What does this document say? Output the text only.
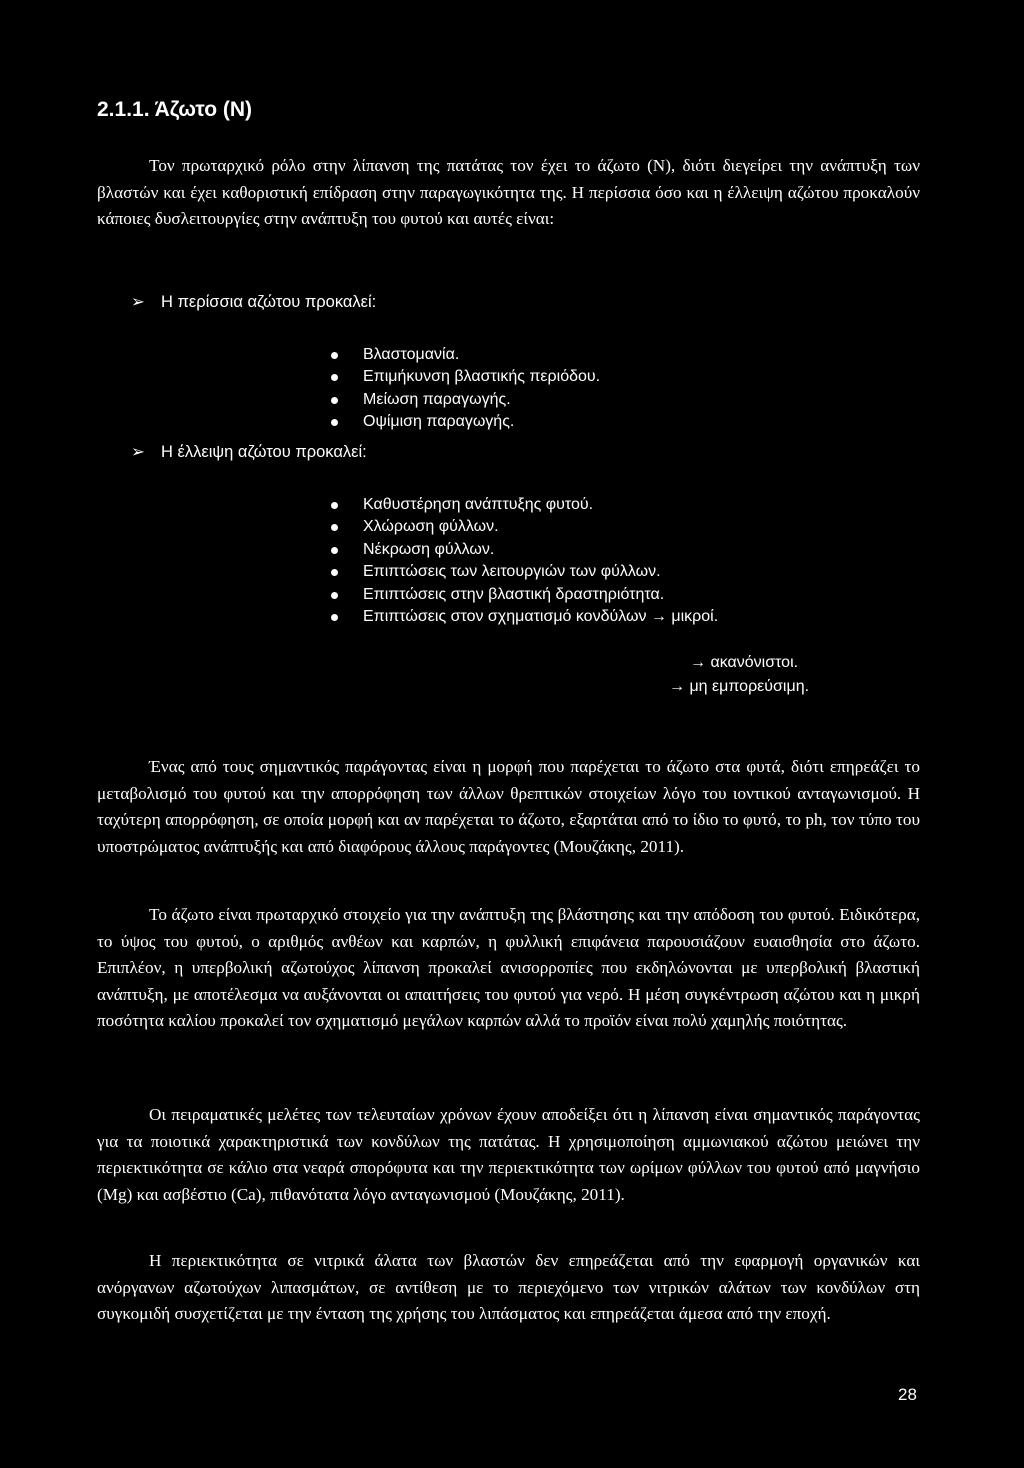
2.1.1. Άζωτο (Ν)

Τον πρωταρχικό ρόλο στην λίπανση της πατάτας τον έχει το άζωτο (Ν), διότι διεγείρει την ανάπτυξη των βλαστών και έχει καθοριστική επίδραση στην παραγωγικότητα της. Η περίσσια όσο και η έλλειψη αζώτου προκαλούν κάποιες δυσλειτουργίες στην ανάπτυξη του φυτού και αυτές είναι:

➢ Η περίσσια αζώτου προκαλεί:

Βλαστομανία.
Επιμήκυνση βλαστικής περιόδου.
Μείωση παραγωγής.
Οψίμιση παραγωγής.

➢ Η έλλειψη αζώτου προκαλεί:

Καθυστέρηση ανάπτυξης φυτού.
Χλώρωση φύλλων.
Νέκρωση φύλλων.
Επιπτώσεις των λειτουργιών των φύλλων.
Επιπτώσεις στην βλαστική δραστηριότητα.
Επιπτώσεις στον σχηματισμό κονδύλων → μικροί.

→ ακανόνιστοι.

→ μη εμπορεύσιμη.

Ένας από τους σημαντικός παράγοντας είναι η μορφή που παρέχεται το άζωτο στα φυτά, διότι επηρεάζει το μεταβολισμό του φυτού και την απορρόφηση των άλλων θρεπτικών στοιχείων λόγο του ιοντικού ανταγωνισμού. Η ταχύτερη απορρόφηση, σε οποία μορφή και αν παρέχεται το άζωτο, εξαρτάται από το ίδιο το φυτό, το ph, τον τύπο του υποστρώματος ανάπτυξής και από διαφόρους άλλους παράγοντες (Μουζάκης, 2011).

Το άζωτο είναι πρωταρχικό στοιχείο για την ανάπτυξη της βλάστησης και την απόδοση του φυτού. Ειδικότερα, το ύψος του φυτού, ο αριθμός ανθέων και καρπών, η φυλλική επιφάνεια παρουσιάζουν ευαισθησία στο άζωτο. Επιπλέον, η υπερβολική αζωτούχος λίπανση προκαλεί ανισορροπίες που εκδηλώνονται με υπερβολική βλαστική ανάπτυξη, με αποτέλεσμα να αυξάνονται οι απαιτήσεις του φυτού για νερό. Η μέση συγκέντρωση αζώτου και η μικρή ποσότητα καλίου προκαλεί τον σχηματισμό μεγάλων καρπών αλλά το προϊόν είναι πολύ χαμηλής ποιότητας.

Οι πειραματικές μελέτες των τελευταίων χρόνων έχουν αποδείξει ότι η λίπανση είναι σημαντικός παράγοντας για τα ποιοτικά χαρακτηριστικά των κονδύλων της πατάτας. Η χρησιμοποίηση αμμωνιακού αζώτου μειώνει την περιεκτικότητα σε κάλιο στα νεαρά σπορόφυτα και την περιεκτικότητα των ωρίμων φύλλων του φυτού από μαγνήσιο (Mg) και ασβέστιο (Ca), πιθανότατα λόγο ανταγωνισμού (Μουζάκης, 2011).

Η περιεκτικότητα σε νιτρικά άλατα των βλαστών δεν επηρεάζεται από την εφαρμογή οργανικών και ανόργανων αζωτούχων λιπασμάτων, σε αντίθεση με το περιεχόμενο των νιτρικών αλάτων των κονδύλων στη συγκομιδή συσχετίζεται με την ένταση της χρήσης του λιπάσματος και επηρεάζεται άμεσα από την εποχή.

28
